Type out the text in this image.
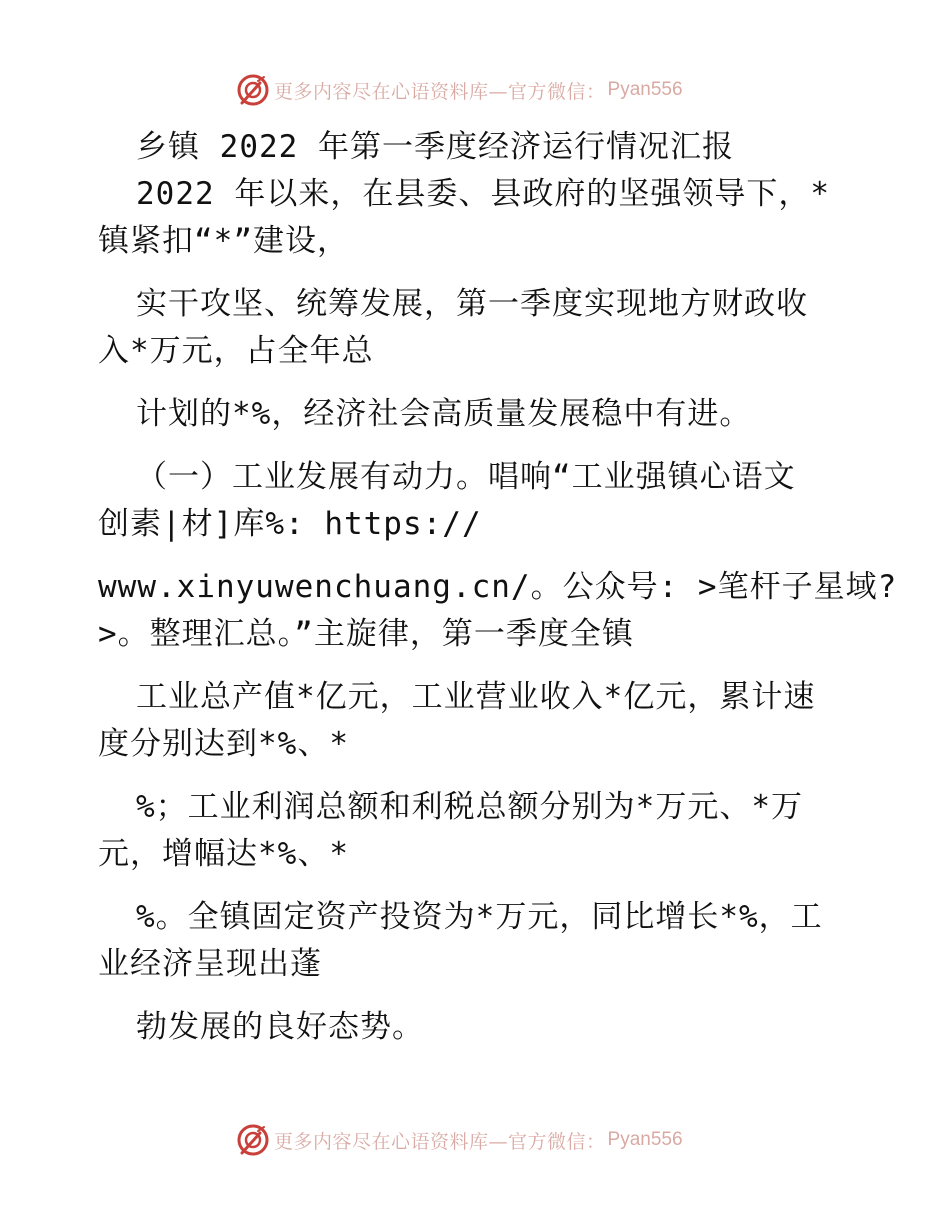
更多内容尽在心语资料库—官方微信： Pyan556
乡镇 2022 年第一季度经济运行情况汇报
2022 年以来，在县委、县政府的坚强领导下，*
镇紧扣“*”建设，
实干攻坚、统筹发展，第一季度实现地方财政收
入*万元，占全年总
计划的*%，经济社会高质量发展稳中有进。
（一）工业发展有动力。唱响“工业强镇心语文
创素|材]库%: https://
www.xinyuwenchuang.cn/。公众号: >笔杆子星域?
>。整理汇总。”主旋律，第一季度全镇
工业总产值*亿元，工业营业收入*亿元，累计速
度分别达到*%、*
%；工业利润总额和利税总额分别为*万元、*万
元，增幅达*%、*
%。全镇固定资产投资为*万元，同比增长*%，工
业经济呈现出蓬
勃发展的良好态势。
更多内容尽在心语资料库—官方微信： Pyan556
